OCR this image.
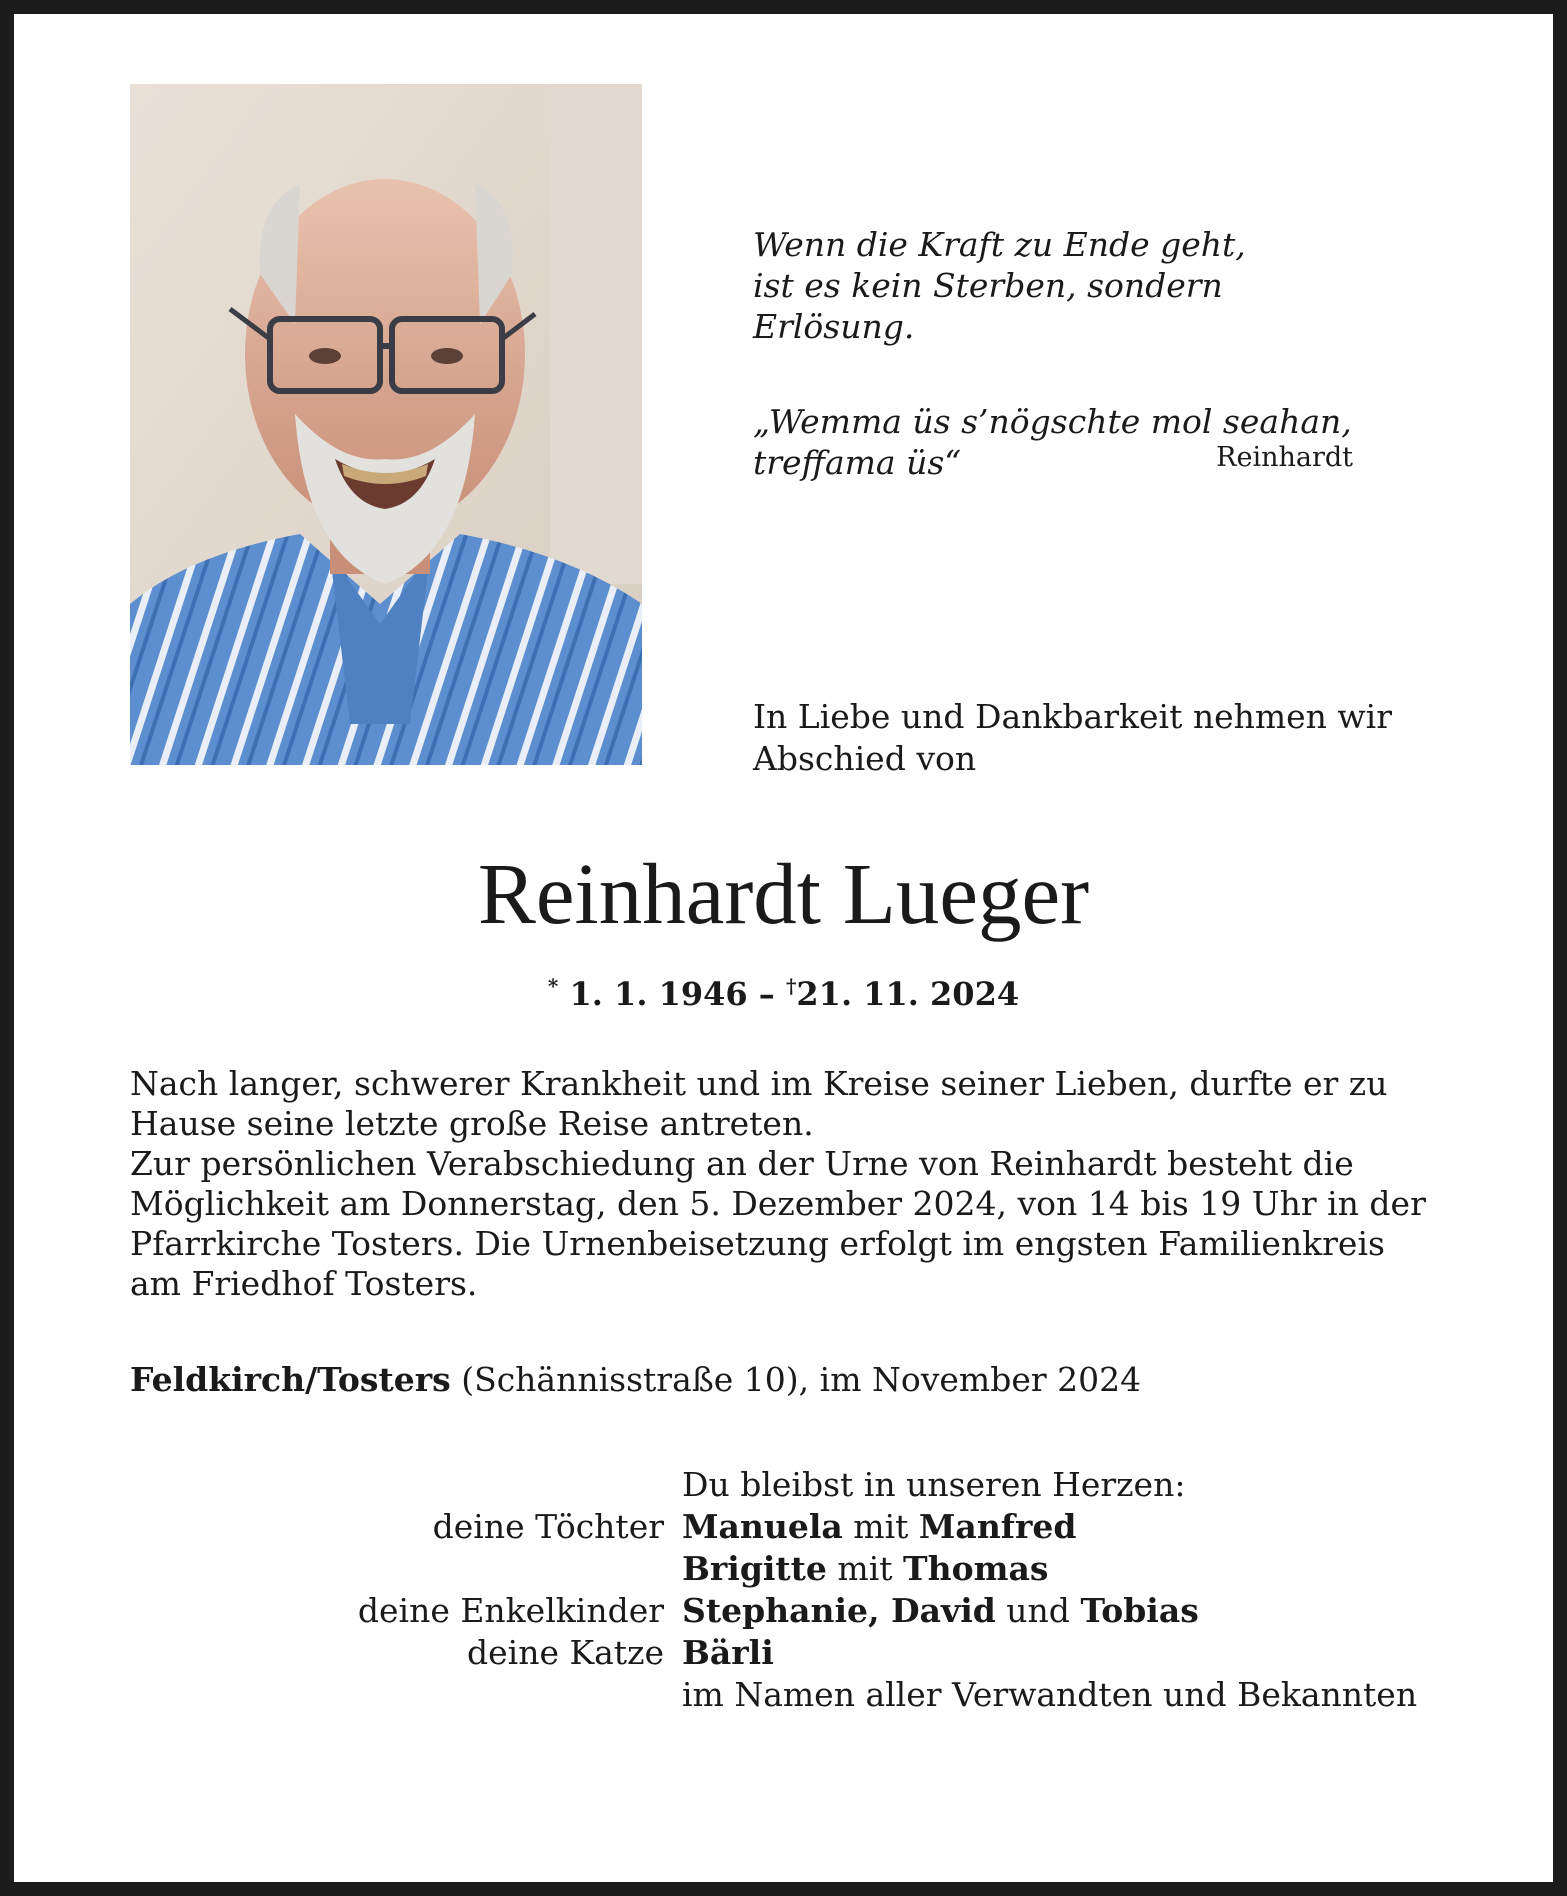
Wenn die Kraft zu Ende geht,

ist es kein Sterben, sondern Erlösung.

„Wemma üs s’nögschte mol seahan,

treffama üs“	Reinhardt

In Liebe und Dankbarkeit nehmen wir

Abschied von

Reinhardt Lueger
* 1. 1. 1946 – †21. 11. 2024

Nach langer, schwerer Krankheit und im Kreise seiner Lieben, durfte er zu

Hause seine letzte große Reise antreten.

Zur persönlichen Verabschiedung an der Urne von Reinhardt besteht die

Möglichkeit am Donnerstag, den 5. Dezember 2024, von 14 bis 19 Uhr in der

Pfarrkirche Tosters. Die Urnenbeisetzung erfolgt im engsten Familienkreis

am Friedhof Tosters.

Feldkirch/Tosters (Schännisstraße 10), im November 2024
Du bleibst in unseren Herzen:
deine Töchter Manuela mit Manfred
Brigitte mit Thomas
deine Enkelkinder Stephanie, David und Tobias
deine Katze Bärli
im Namen aller Verwandten und Bekannten
